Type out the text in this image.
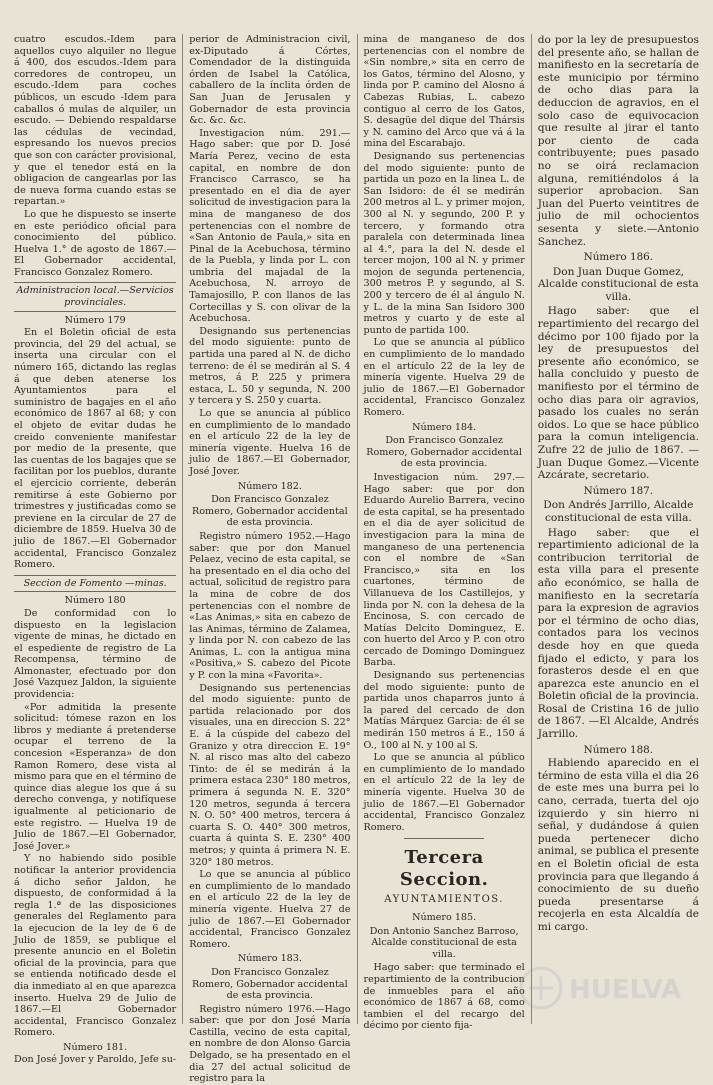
cuatro escudos.-Idem para aquellos cuyo alquiler no llegue á 400, dos escudos.-Idem para corredores de contropeu, un escudo.-Idem para coches públicos, un escudo -Idem para caballos ó mulas de alquiler, un escudo. — Debiendo respaldarse las cédulas de vecindad, espresando los nuevos precios que son con carácter provisional, y que el tenedor está en la obligacion de cangearlas por las de nueva forma cuando estas se repartan.»
Lo que he dispuesto se inserte en este periódico oficial para conocimiento del público. Huelva 1.° de agosto de 1867.—El Gobernador accidental, Francisco Gonzalez Romero.
Administracion local.—Servicios provinciales.
Número 179
En el Boletin oficial de esta provincia, del 29 del actual, se inserta una circular con el número 165, dictando las reglas á que deben atenerse los Ayuntamientos para el suministro de bagajes en el año económico de 1867 al 68; y con el objeto de evitar dudas he creido conveniente manifestar por medio de la presente, que las cuentas de los bagajes que se facilitan por los pueblos, durante el ejercicio corriente, deberán remitirse á este Gobierno por trimestres y justificadas como se previene en la circular de 27 de diciembre de 1859. Huelva 30 de julio de 1867.—El Gobernador accidental, Francisco Gonzalez Romero.
Seccion de Fomento —minas.
Número 180
De conformidad con lo dispuesto en la legislacion vigente de minas, he dictado en el espediente de registro de La Recompensa, término de Almonaster, efectuado por don José Vazquez Jaldon, la siguiente providencia:
«Por admitida la presente solicitud: tómese razon en los libros y mediante á pretenderse ocupar el terreno de la concesion «Esperanza» de don Ramon Romero, dese vista al mismo para que en el término de quince dias alegue los que á su derecho convenga, y notifíquese igualmente al peticionario de este registro. — Huelva 19 de Julio de 1867.—El Gobernador, José Jover.»
Y no habiendo sido posible notificar la anterior providencia á dicho señor Jaldon, he dispuesto, de conformidad á la regla 1.ª de las disposiciones generales del Reglamento para la ejecucion de la ley de 6 de Julio de 1859, se publique el presente anuncio en el Boletin oficial de la provincia, para que se entienda notificado desde el dia inmediato al en que aparezca inserto. Huelva 29 de Julio de 1867.—El Gobernador accidental, Francisco Gonzalez Romero.
Número 181.
Don José Jover y Paroldo, Jefe su-
perior de Administracion civil, ex-Diputado á Córtes, Comendador de la distinguida órden de Isabel la Católica, caballero de la ínclita órden de San Juan de Jerusalen y Gobernador de esta provincia &c. &c. &c.
Investigacion núm. 291.—Hago saber: que por D. José María Perez, vecino de esta capital, en nombre de don Francisco Carrasco, se ha presentado en el dia de ayer solicitud de investigacion para la mina de manganeso de dos pertenencias con el nombre de «San Antonio de Paula,» sita en Pinal de la Acebuchosa, término de la Puebla, y linda por L. con umbria del majadal de la Acebuchosa, N. arroyo de Tamajosillo, P. con llanos de las Cortecillas y S. con olivar de la Acebuchosa.
Designando sus pertenencias del modo siguiente: punto de partida una pared al N. de dicho terreno: de él se medirán al S. 4 metros, á P. 225 y primera estaca, L. 50 y segunda, N. 200 y tercera y S. 250 y cuarta.
Lo que se anuncia al público en cumplimiento de lo mandado en el artículo 22 de la ley de minería vigente. Huelva 16 de julio de 1867.—El Gobernador, José Jover.
Número 182.
Don Francisco Gonzalez Romero, Gobernador accidental de esta provincia.
Registro número 1952.—Hago saber: que por don Manuel Pelaez, vecino de esta capital, se ha presentado en el dia ocho del actual, solicitud de registro para la mina de cobre de dos pertenencias con el nombre de «Las Animas,» sita en cabezo de las Animas, término de Zalamea, y linda por N. con cabezo de las Animas, L. con la antigua mina «Positiva,» S. cabezo del Picote y P. con la mina «Favorita».
Designando sus pertenencias del modo siguiente: punto de partida relacionado por dos visuales, una en direccion S. 22° E. á la cúspide del cabezo del Granizo y otra direccion E. 19° N. al risco mas alto del cabezo Tinto: de él se medirán á la primera estaca 230° 180 metros, primera á segunda N. E. 320° 120 metros, segunda á tercera N. O. 50° 400 metros, tercera á cuarta S. O. 440° 300 metros, cuarta á quinta S. E. 230° 400 metros; y quinta á primera N. E. 320° 180 metros.
Lo que se anuncia al público en cumplimiento de lo mandado en el artículo 22 de la ley de minería vigente. Huelva 27 de julio de 1867.—El Gobernador accidental, Francisco Gonzalez Romero.
Número 183.
Don Francisco Gonzalez Romero, Gobernador accidental de esta provincia.
Registro número 1976.—Hago saber: que por don José María Castilla, vecino de esta capital, en nombre de don Alonso Garcia Delgado, se ha presentado en el dia 27 del actual solicitud de registro para la
mina de manganeso de dos pertenencias con el nombre de «Sin nombre,» sita en cerro de los Gatos, término del Alosno, y linda por P. camino del Alosno á Cabezas Rubias, L. cabezo contiguo al cerro de los Gatos, S. desagüe del dique del Thársis y N. camino del Arco que vá á la mina del Escarabajo.
Designando sus pertenencias del modo siguiente: punto de partida un pozo en la linea L. de San Isidoro: de él se medirán 200 metros al L. y primer mojon, 300 al N. y segundo, 200 P. y tercero, y formando otra paralela con determinada linea al 4.°, para la del N. desde el tercer mojon, 100 al N. y primer mojon de segunda pertenencia, 300 metros P. y segundo, al S. 200 y tercero de él al ángulo N. y L. de la mina San Isidoro 300 metros y cuarto y de este al punto de partida 100.
Lo que se anuncia al público en cumplimiento de lo mandado en el artículo 22 de la ley de minería vigente. Huelva 29 de julio de 1867.—El Gobernador accidental, Francisco Gonzalez Romero.
Número 184.
Don Francisco Gonzalez Romero, Gobernador accidental de esta provincia.
Investigacion núm. 297.—Hago saber: que por don Eduardo Aurelio Barrera, vecino de esta capital, se ha presentado en el dia de ayer solicitud de investigacion para la mina de manganeso de una pertenencia con el nombre de «San Francisco,» sita en los cuartones, término de Villanueva de los Castillejos, y linda por N. con la dehesa de la Encinosa, S. con cercado de Matías Delcito Dominguez, E. con huerto del Arco y P. con otro cercado de Domingo Dominguez Barba.
Designando sus pertenencias del modo siguiente: punto de partida unos chaparros junto á la pared del cercado de don Matías Márquez Garcia: de él se medirán 150 metros á E., 150 á O., 100 al N. y 100 al S.
Lo que se anuncia al público en cumplimiento de lo mandado en el artículo 22 de la ley de minería vigente. Huelva 30 de julio de 1867.—El Gobernador accidental, Francisco Gonzalez Romero.
Tercera Seccion.
AYUNTAMIENTOS.
Número 185.
Don Antonio Sanchez Barroso, Alcalde constitucional de esta villa.
Hago saber: que terminado el repartimiento de la contribucion de inmuebles para el año económico de 1867 á 68, como tambien el del recargo del décimo por ciento fija-
do por la ley de presupuestos del presente año, se hallan de manifiesto en la secretaría de este municipio por término de ocho dias para la deduccion de agravios, en el solo caso de equivocacion que resulte al jirar el tanto por ciento de cada contribuyente; pues pasado no se oirá reclamacion alguna, remitiéndolos á la superior aprobacion. San Juan del Puerto veintitres de julio de mil ochocientos sesenta y siete.—Antonio Sanchez.
Número 186.
Don Juan Duque Gomez, Alcalde constitucional de esta villa.
Hago saber: que el repartimiento del recargo del décimo por 100 fijado por la ley de presupuestos del presente año económico, se halla concluido y puesto de manifiesto por el término de ocho dias para oir agravios, pasado los cuales no serán oidos. Lo que se hace público para la comun inteligencia. Zufre 22 de julio de 1867. —Juan Duque Gomez.—Vicente Azcárate, secretario.
Número 187.
Don Andrés Jarrillo, Alcalde constitucional de esta villa.
Hago saber: que el repartimiento adicional de la contribucion territorial de esta villa para el presente año económico, se halla de manifiesto en la secretaría para la expresion de agravios por el término de ocho dias, contados para los vecinos desde hoy en que queda fijado el edicto, y para los forasteros desde el en que aparezca este anuncio en el Boletin oficial de la provincia. Rosal de Cristina 16 de julio de 1867. —El Alcalde, Andrés Jarrillo.
Número 188.
Habiendo aparecido en el término de esta villa el dia 26 de este mes una burra pei lo cano, cerrada, tuerta del ojo izquierdo y sin hierro ni señal, y dudándose á quien pueda pertenecer dicho animal, se publica el presente en el Boletin oficial de esta provincia para que llegando á conocimiento de su dueño pueda presentarse á recojerla en esta Alcaldía de mi cargo.
HUELVA
